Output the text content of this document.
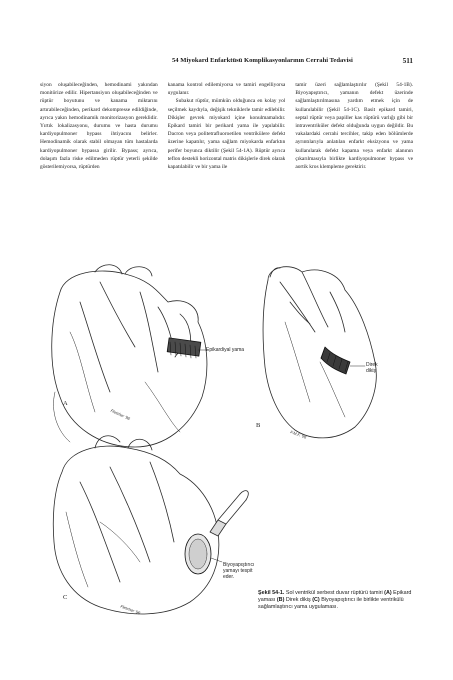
54 Miyokard Enfarktüsü Komplikasyonlarının Cerrahi Tedavisi	511

siyon oluşabileceğinden, hemodinami yakından monitörize edilir. Hipertansiyon oluşabileceğinden ve rüptür boyutunu ve kanama miktarını artırabileceğinden, perikard dekompresse edildiğinde, ayrıca yakın hemodinamik monitorizasyon gereklidir. Yırtık lokalizasyonu, durumu ve hasta durumu kardiyopulmoner bypass ihtiyacını belirler. Hemodinamik olarak stabil olmayan tüm hastalarda kardiyopulmoner bypassa girilir. Bypass; ayrıca, dolaşım fazla riske edilmeden rüptür yeterli şekilde gösterilemiyorsa, rüptürden

kanama kontrol edilemiyorsa ve tamiri engelliyorsa uygulanır.

Subakut rüptür, mümkün olduğunca en kolay yol seçilmek kaydıyla, değişik tekniklerle tamir edilebilir. Dikişler gevrek miyokard içine konulmamalıdır. Epikard tamiri bir perikard yama ile yapılabilir. Dacron veya politetrafluoroetilen ventrikülere defekt üzerine kapatılır, yama sağlam miyokarda enfarktın perifer boyunca diktilir (Şekil 54-1A). Rüptür ayrıca teflon destekli horizontal matris dikişlerle direk olarak kapatılabilir ve bir yama ile

tamir üzeri sağlamlaştırılır (Şekil 54-1B). Biyoyapıştırıcı, yamanın defekt üzerinde sağlamlaştırılmasına yardım etmek için de kullanılabilir (Şekil 54-1C). Basit epikard tamiri, septal rüptür veya papiller kas rüptürü varlığı gibi bir intraventriküler defekt olduğunda uygun değildir. Bu vakalardaki cerrahi tercihler, takip eden bölümlerde ayrıntılarıyla anlatılan enfarkt eksizyonu ve yama kullanılarak defekt kapama veya enfarkt alanının çıkarılmasıyla birlikte kardiyopulmoner bypass ve aortik kros klempleme gerektirir.

A
B
C
Epikardiyal yama
Direk
dikiş
Biyoyapıştırıcı
yamayı tespit
eder.
Fletcher '96
F.M.F. '96
Fletcher '96
Şekil 54-1. Sol ventrikül serbest duvar rüptürü tamiri (A) Epikard yaması (B) Direk dikiş (C) Biyoyapıştırıcı ile birlikte ventrikülü sağlamlaştırıcı yama uygulaması.
